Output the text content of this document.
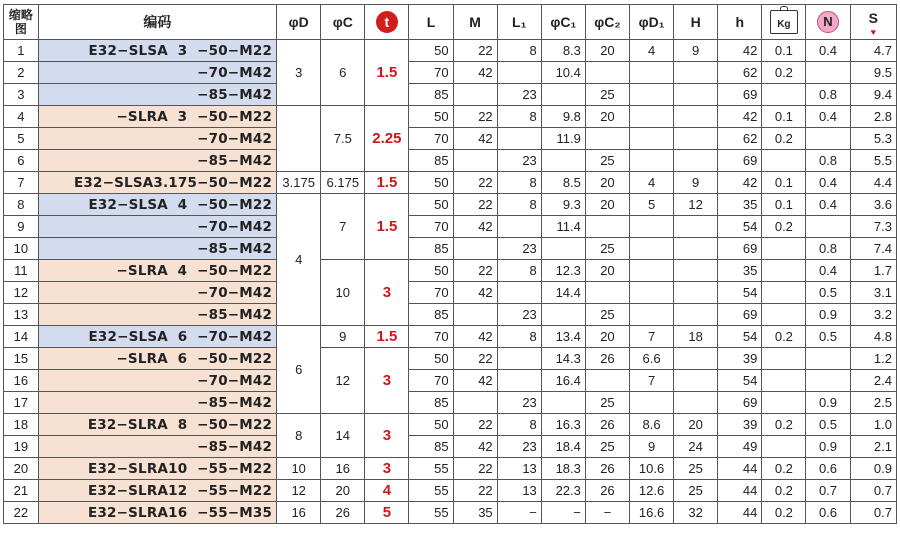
缩略图	编码	φD	φC	t	L	M	L₁	φC₁	φC₂	φD₁	H	h	Kg	N	S
♥

1	E32−SLSA  3  −50−M22	3	6	1.5	50	22	8	8.3	20	4	9	42	0.1	0.4	4.7
2	−70−M42				70	42		10.4				62	0.2		9.5
3	−85−M42				85		23		25			69		0.8	9.4
4	−SLRA  3  −50−M22		7.5	2.25	50	22	8	9.8	20			42	0.1	0.4	2.8
5	−70−M42				70	42		11.9				62	0.2		5.3
6	−85−M42				85		23		25			69		0.8	5.5
7	E32−SLSA3.175−50−M22	3.175	6.175	1.5	50	22	8	8.5	20	4	9	42	0.1	0.4	4.4
8	E32−SLSA  4  −50−M22	4	7	1.5	50	22	8	9.3	20	5	12	35	0.1	0.4	3.6
9	−70−M42				70	42		11.4				54	0.2		7.3
10	−85−M42				85		23		25			69		0.8	7.4
11	−SLRA  4  −50−M22		10	3	50	22	8	12.3	20			35		0.4	1.7
12	−70−M42				70	42		14.4				54		0.5	3.1
13	−85−M42				85		23		25			69		0.9	3.2
14	E32−SLSA  6  −70−M42	6	9	1.5	70	42	8	13.4	20	7	18	54	0.2	0.5	4.8
15	−SLRA  6  −50−M22		12	3	50	22		14.3	26	6.6		39			1.2
16	−70−M42				70	42		16.4		7		54			2.4
17	−85−M42				85		23		25			69		0.9	2.5
18	E32−SLRA  8  −50−M22	8	14	3	50	22	8	16.3	26	8.6	20	39	0.2	0.5	1.0
19	−85−M42				85	42	23	18.4	25	9	24	49		0.9	2.1
20	E32−SLRA10  −55−M22	10	16	3	55	22	13	18.3	26	10.6	25	44	0.2	0.6	0.9
21	E32−SLRA12  −55−M22	12	20	4	55	22	13	22.3	26	12.6	25	44	0.2	0.7	0.7
22	E32−SLRA16  −55−M35	16	26	5	55	35	−	−	−	16.6	32	44	0.2	0.6	0.7
